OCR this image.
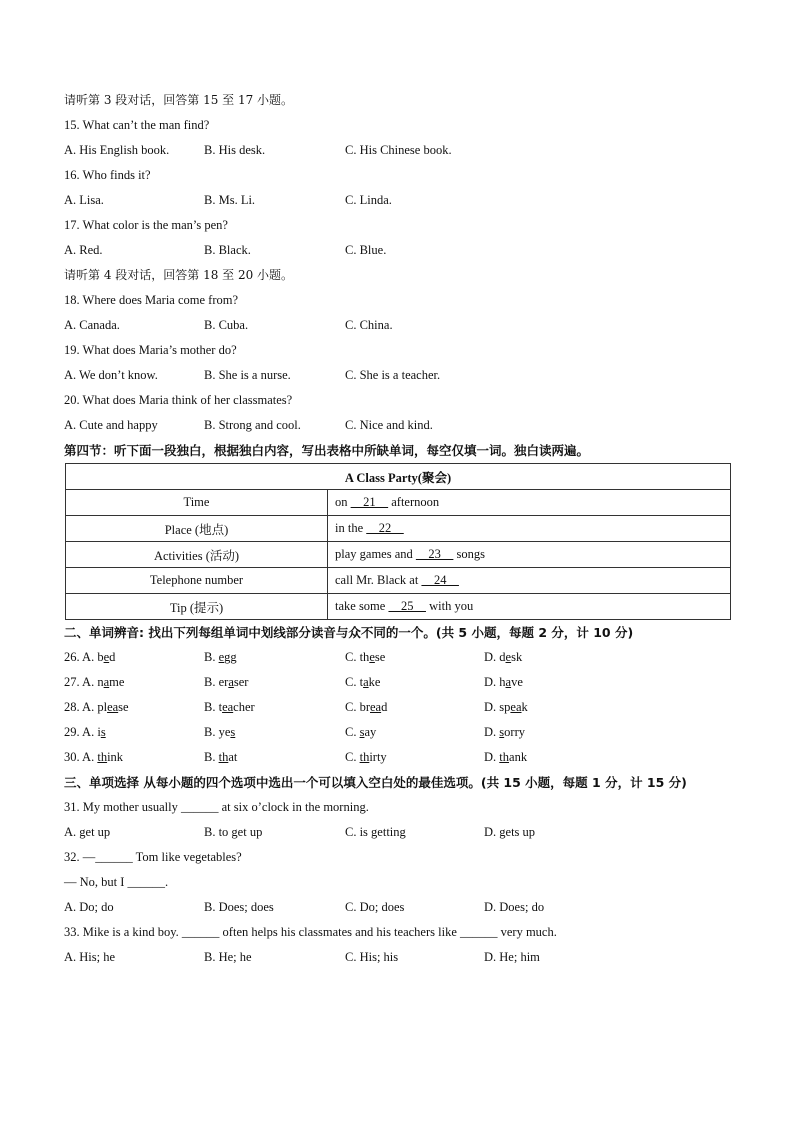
请听第 3 段对话，回答第 15 至 17 小题。
15. What can’t the man find?
A. His English book.	B. His desk.	C. His Chinese book.
16. Who finds it?
A. Lisa.	B. Ms. Li.	C. Linda.
17. What color is the man’s pen?
A. Red.	B. Black.	C. Blue.
请听第 4 段对话，回答第 18 至 20 小题。
18. Where does Maria come from?
A. Canada.	B. Cuba.	C. China.
19. What does Maria’s mother do?
A. We don’t know.	B. She is a nurse.	C. She is a teacher.
20. What does Maria think of her classmates?
A. Cute and happy	B. Strong and cool.	C. Nice and kind.
第四节：听下面一段独白，根据独白内容，写出表格中所缺单词，每空仅填一词。独白读两遍。
A Class Party(聚会)	
Time	on     21     afternoon
Place (地点)	in the     22
Activities (活动)	play games and     23     songs
Telephone number	call Mr. Black at     24
Tip (提示)	take some     25     with you
二、单词辨音: 找出下列每组单词中划线部分读音与众不同的一个。(共 5 小题，每题 2 分，计 10 分)
26. A. bed	B. egg	C. these	D. desk
27. A. name	B. eraser	C. take	D. have
28. A. please	B. teacher	C. bread	D. speak
29. A. is	B. yes	C. say	D. sorry
30. A. think	B. that	C. thirty	D. thank
三、单项选择 从每小题的四个选项中选出一个可以填入空白处的最佳选项。(共 15 小题，每题 1 分，计 15 分)
31. My mother usually ______ at six o’clock in the morning.
A. get up	B. to get up	C. is getting	D. gets up
32. —______ Tom like vegetables?
— No, but I ______.
A. Do; do	B. Does; does	C. Do; does	D. Does; do
33. Mike is a kind boy. ______ often helps his classmates and his teachers like ______ very much.
A. His; he	B. He; he	C. His; his	D. He; him
